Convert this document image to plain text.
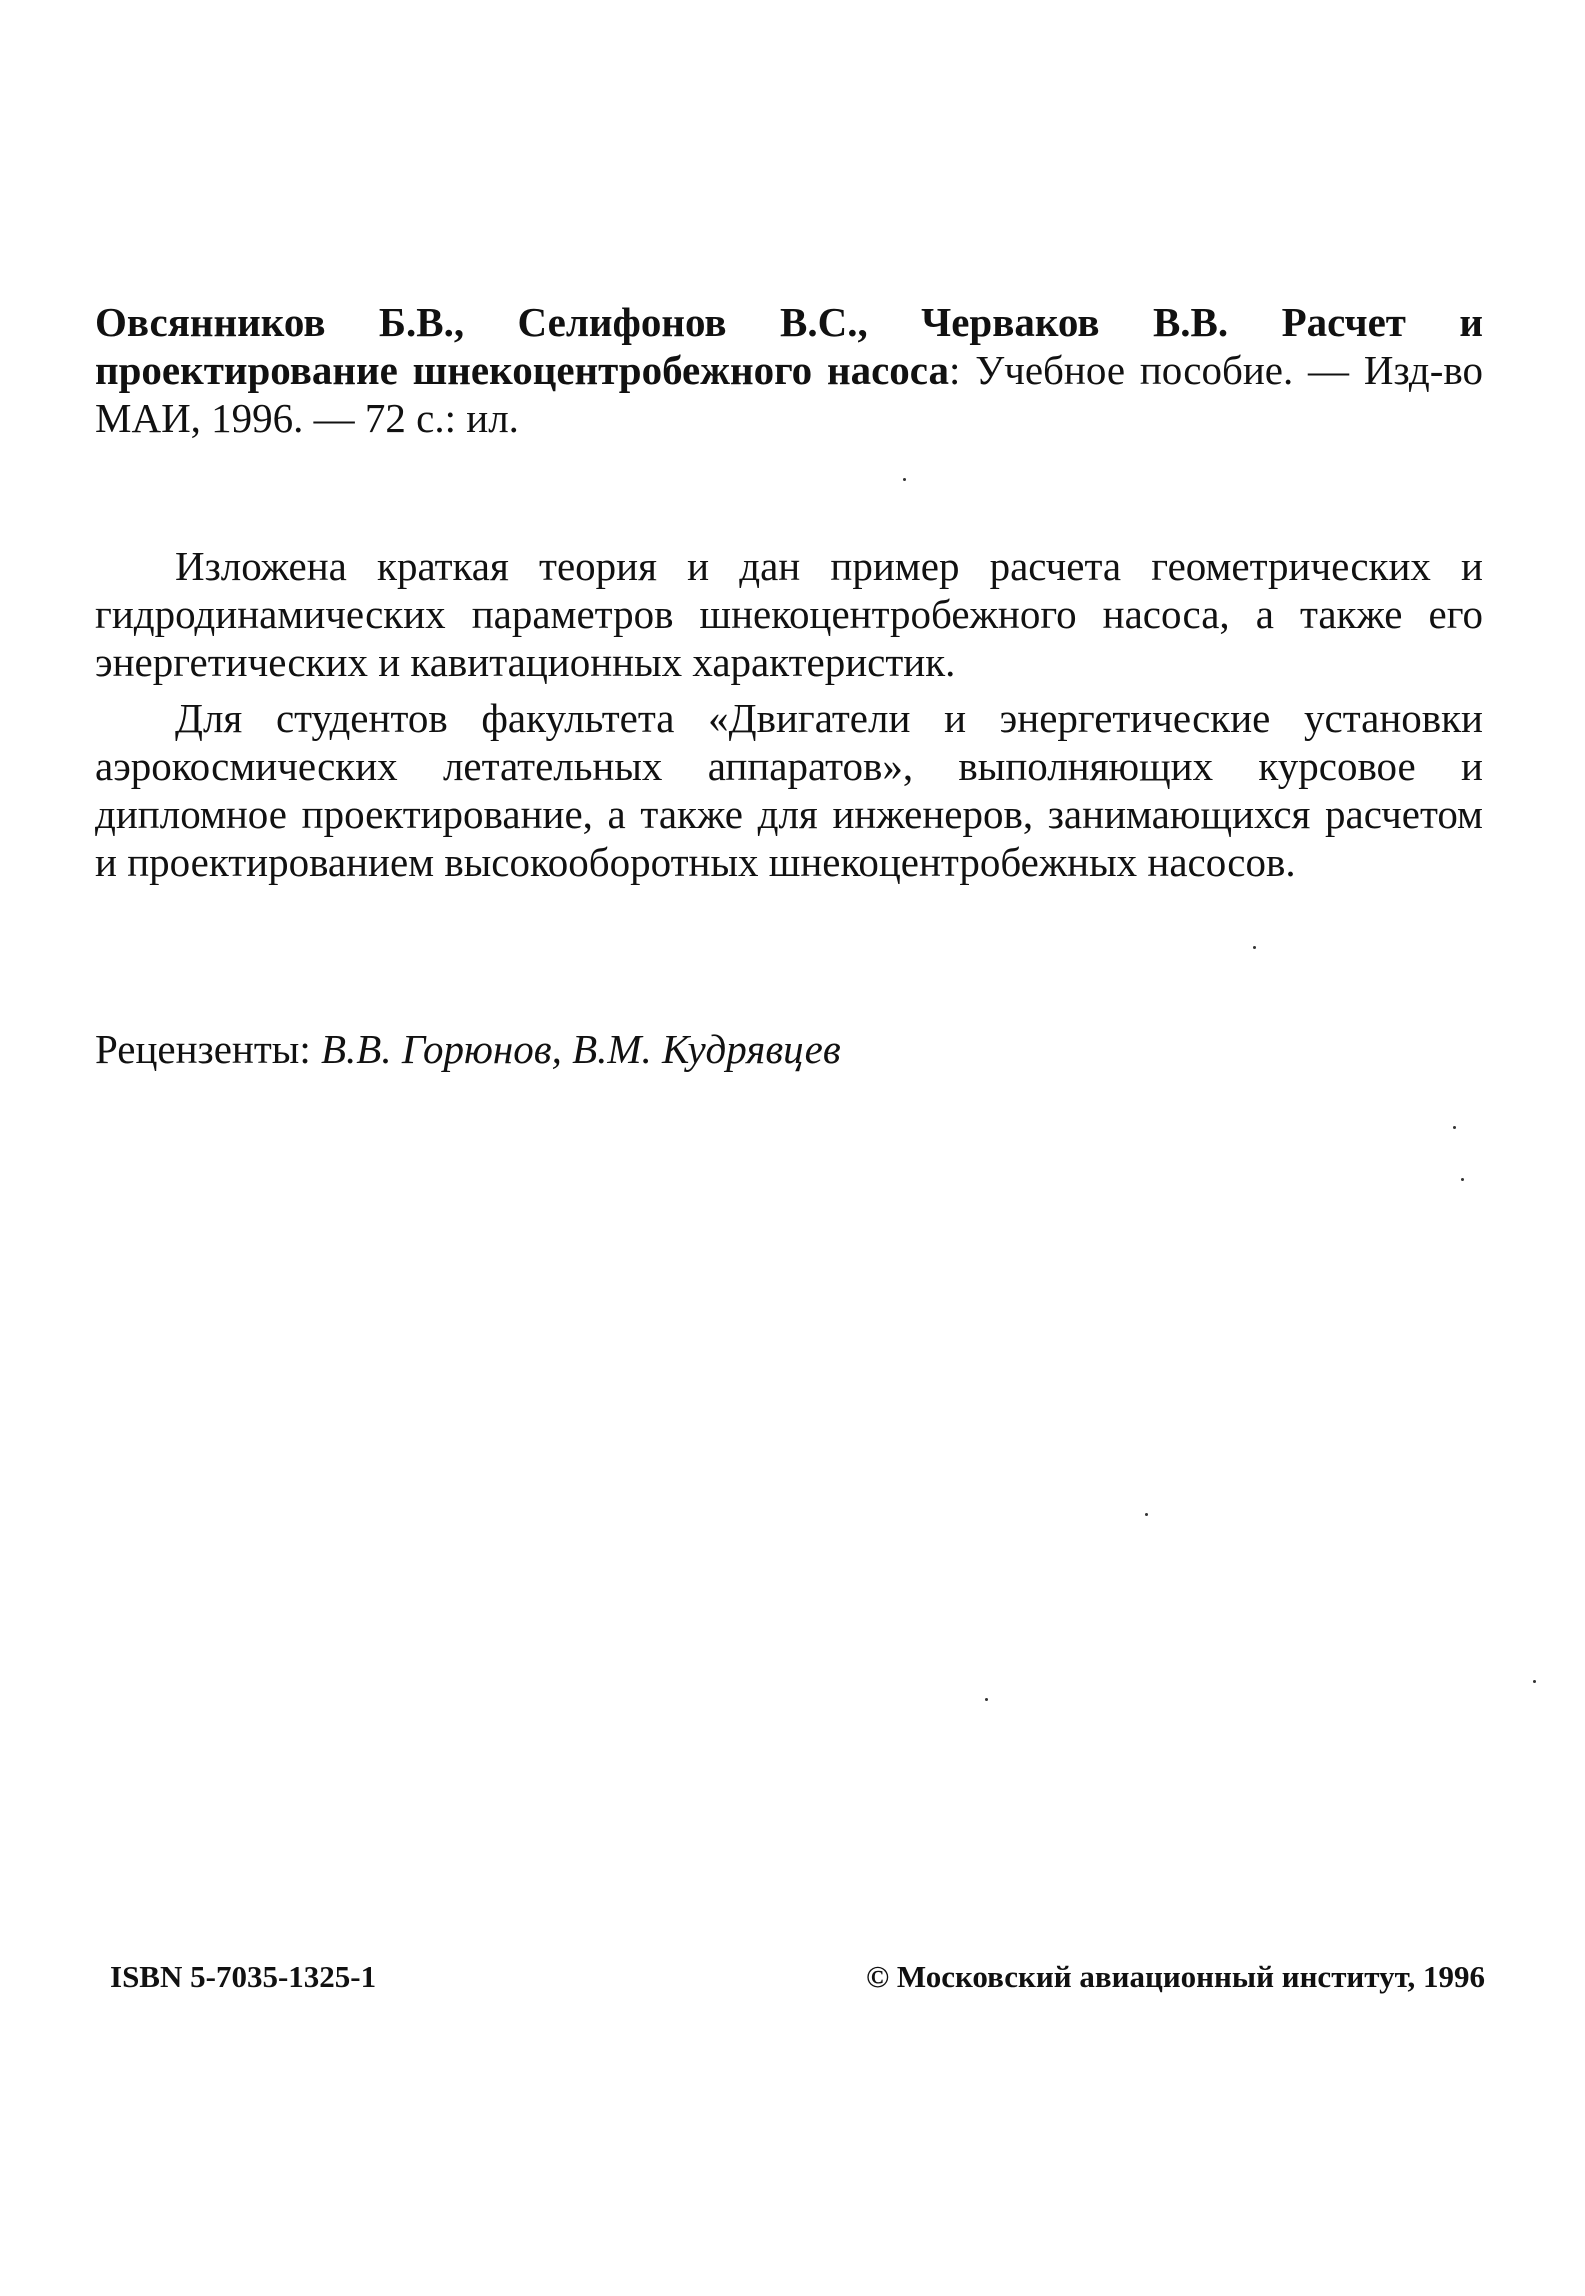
Овсянников Б.В., Селифонов В.С., Черваков В.В. Расчет и проектирование шнекоцентробежного насоса: Учебное пособие. — Изд-во МАИ, 1996. — 72 с.: ил.

Изложена краткая теория и дан пример расчета геометрических и гидродинамических параметров шнекоцентробежного насоса, а также его энергетических и кавитационных характеристик.

Для студентов факультета «Двигатели и энергетические установки аэрокосмических летательных аппаратов», выполняющих курсовое и дипломное проектирование, а также для инженеров, занимающихся расчетом и проектированием высокооборотных шнекоцентробежных насосов.

Рецензенты: В.В. Горюнов, В.М. Кудрявцев
ISBN 5-7035-1325-1	© Московский авиационный институт, 1996
